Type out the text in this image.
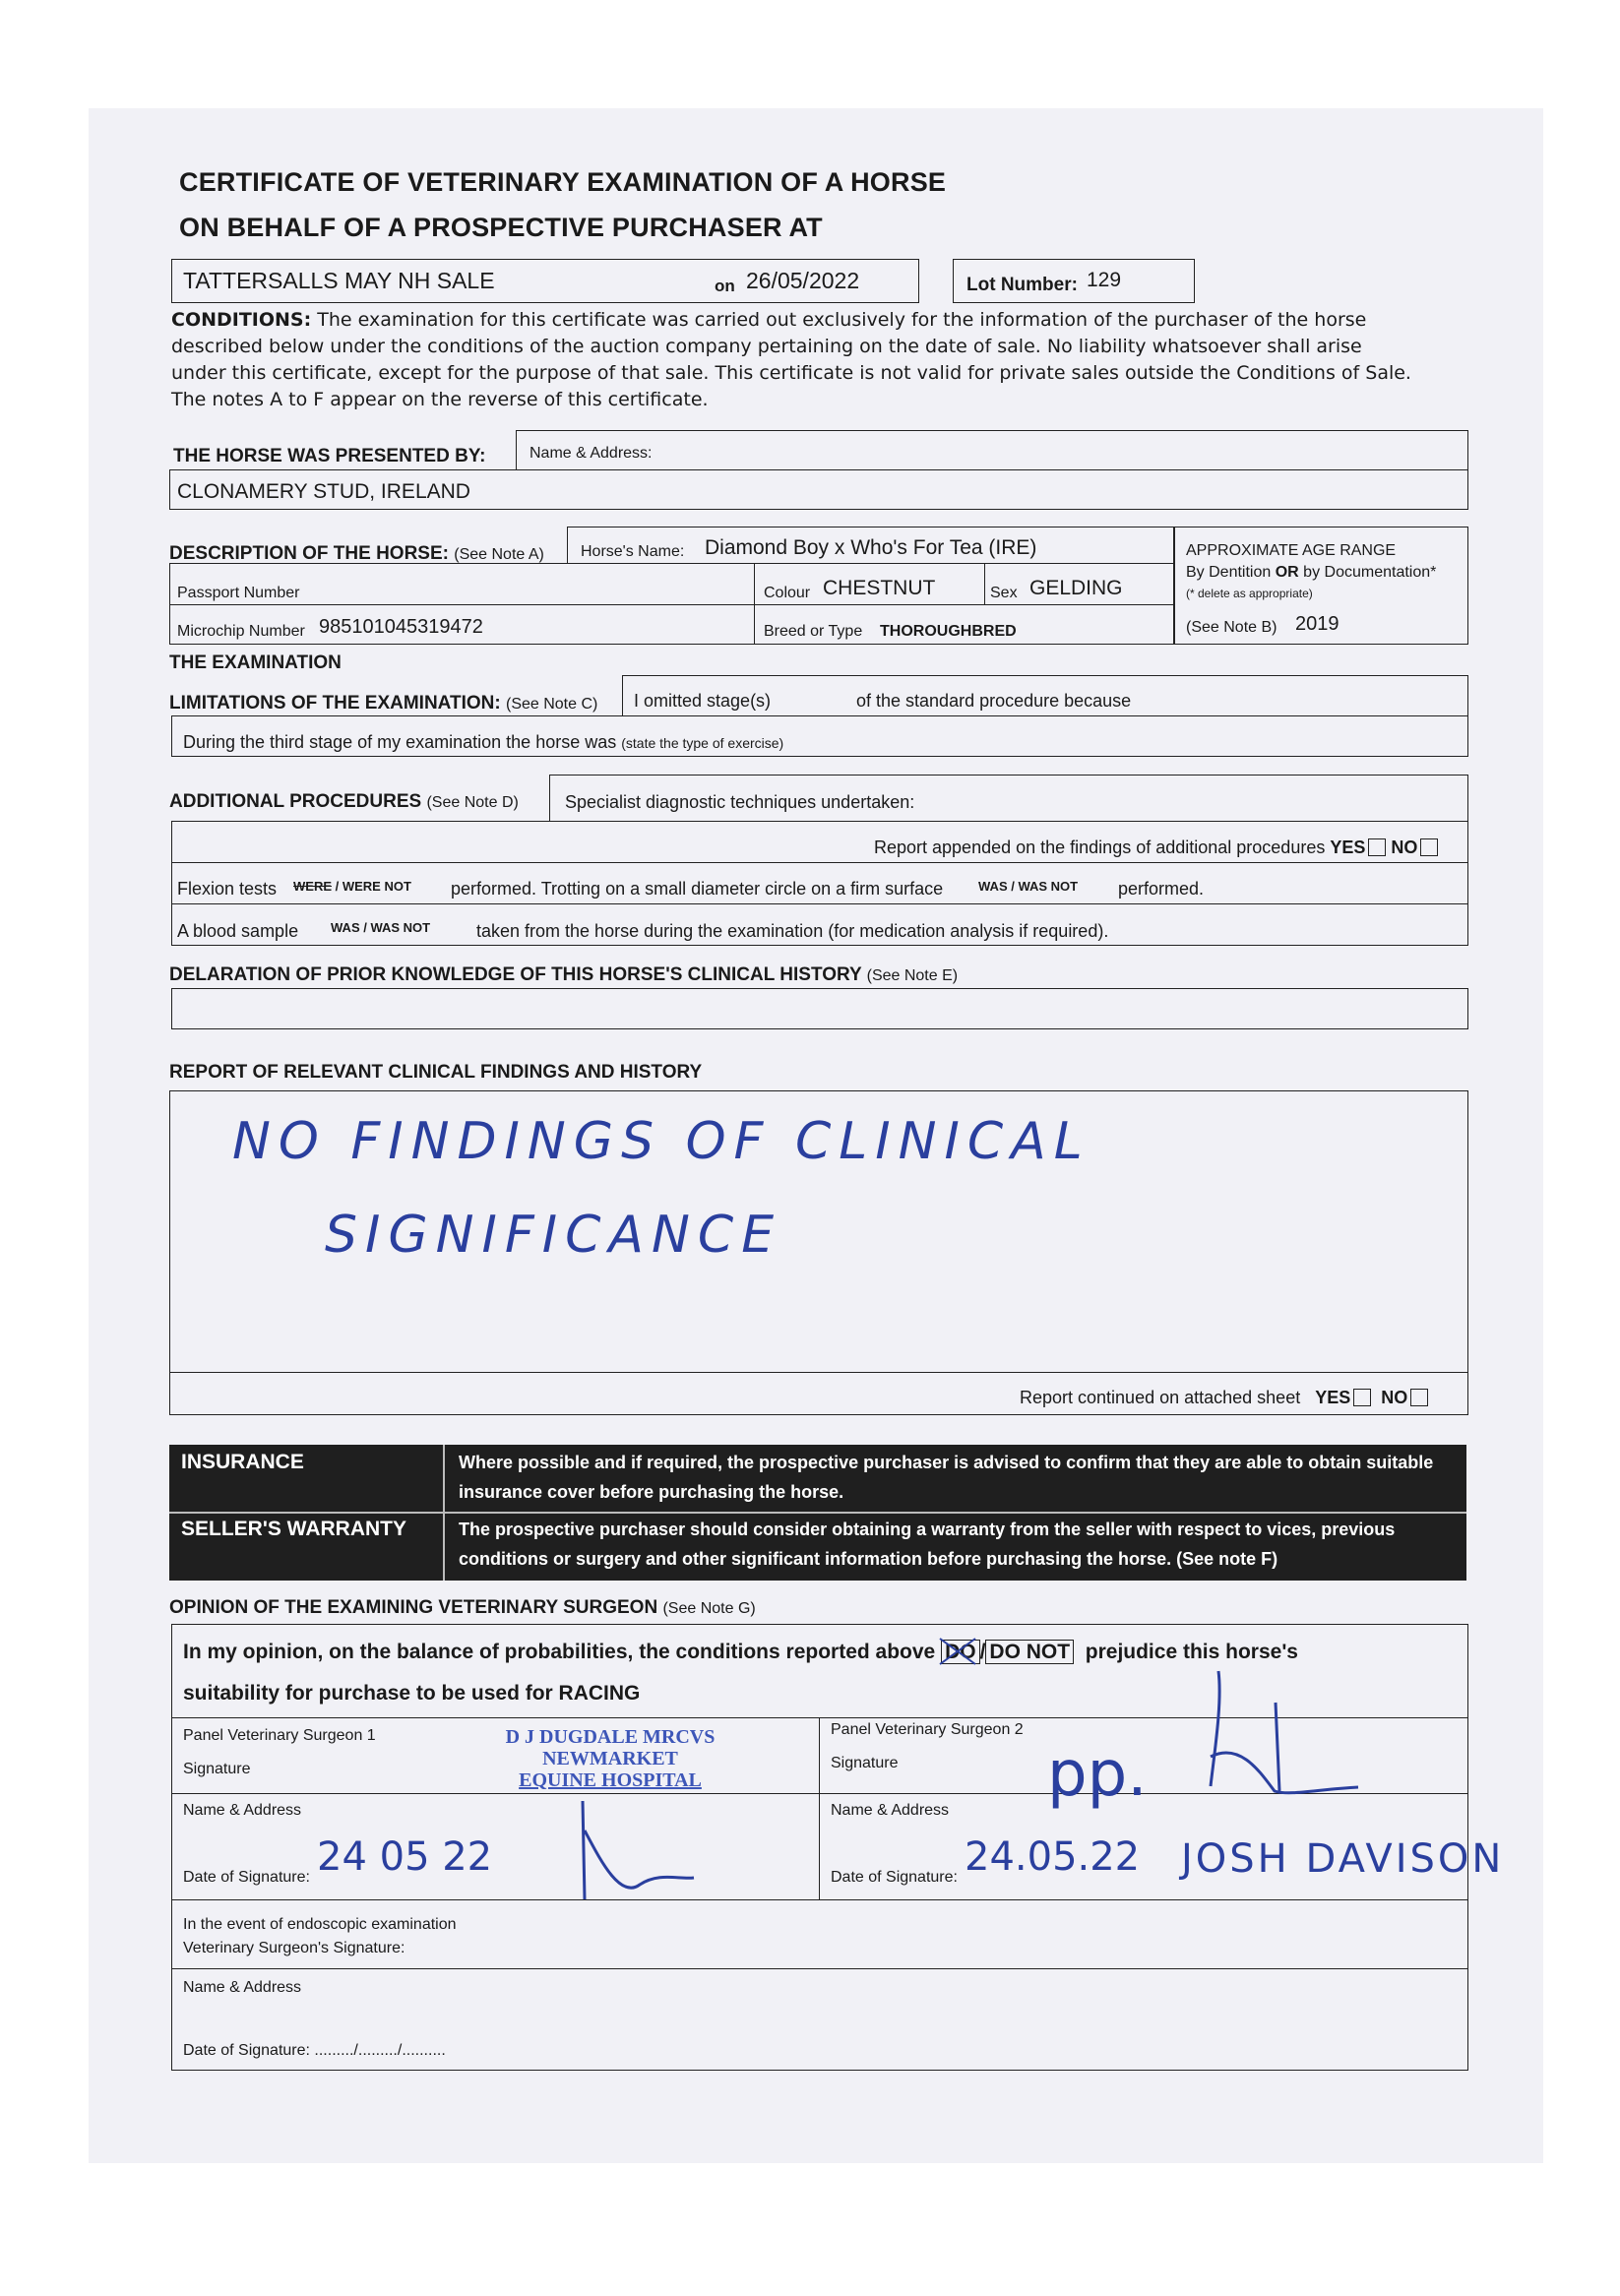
CERTIFICATE OF VETERINARY EXAMINATION OF A HORSE
ON BEHALF OF A PROSPECTIVE PURCHASER AT
TATTERSALLS MAY NH SALE	on 26/05/2022	Lot Number: 129
CONDITIONS: The examination for this certificate was carried out exclusively for the information of the purchaser of the horse described below under the conditions of the auction company pertaining on the date of sale. No liability whatsoever shall arise under this certificate, except for the purpose of that sale. This certificate is not valid for private sales outside the Conditions of Sale.
The notes A to F appear on the reverse of this certificate.
THE HORSE WAS PRESENTED BY:	Name & Address:
CLONAMERY STUD, IRELAND
DESCRIPTION OF THE HORSE: (See Note A) Horse's Name: Diamond Boy x Who's For Tea (IRE)
Passport Number	Colour CHESTNUT	Sex GELDING
Microchip Number 985101045319472	Breed or Type THOROUGHBRED
APPROXIMATE AGE RANGE
By Dentition OR by Documentation*
(* delete as appropriate)
(See Note B) 2019
THE EXAMINATION
LIMITATIONS OF THE EXAMINATION: (See Note C) I omitted stage(s)	of the standard procedure because
During the third stage of my examination the horse was (state the type of exercise)
ADDITIONAL PROCEDURES (See Note D)	Specialist diagnostic techniques undertaken:
Report appended on the findings of additional procedures YES NO
Flexion tests WERE / WERE NOT performed. Trotting on a small diameter circle on a firm surface	WAS / WAS NOT performed.
A blood sample	WAS / WAS NOT	taken from the horse during the examination (for medication analysis if required).
DELARATION OF PRIOR KNOWLEDGE OF THIS HORSE'S CLINICAL HISTORY (See Note E)
REPORT OF RELEVANT CLINICAL FINDINGS AND HISTORY
NO FINDINGS OF CLINICAL
SIGNIFICANCE
Report continued on attached sheet YES NO
INSURANCE	Where possible and if required, the prospective purchaser is advised to confirm that they are able to obtain suitable
insurance cover before purchasing the horse.
SELLER'S WARRANTY	The prospective purchaser should consider obtaining a warranty from the seller with respect to vices, previous
conditions or surgery and other significant information before purchasing the horse. (See note F)
OPINION OF THE EXAMINING VETERINARY SURGEON (See Note G)
In my opinion, on the balance of probabilities, the conditions reported above DO / DO NOT prejudice this horse's
suitability for purchase to be used for RACING
Panel Veterinary Surgeon 1
Signature
D J DUGDALE MRCVS
NEWMARKET
EQUINE HOSPITAL
Name & Address
Date of Signature: 24 05 22
Panel Veterinary Surgeon 2
Signature pp.
Name & Address
Date of Signature: 24.05.22 JOSH DAVISON
In the event of endoscopic examination
Veterinary Surgeon's Signature:
Name & Address
Date of Signature: ........./........./..........
